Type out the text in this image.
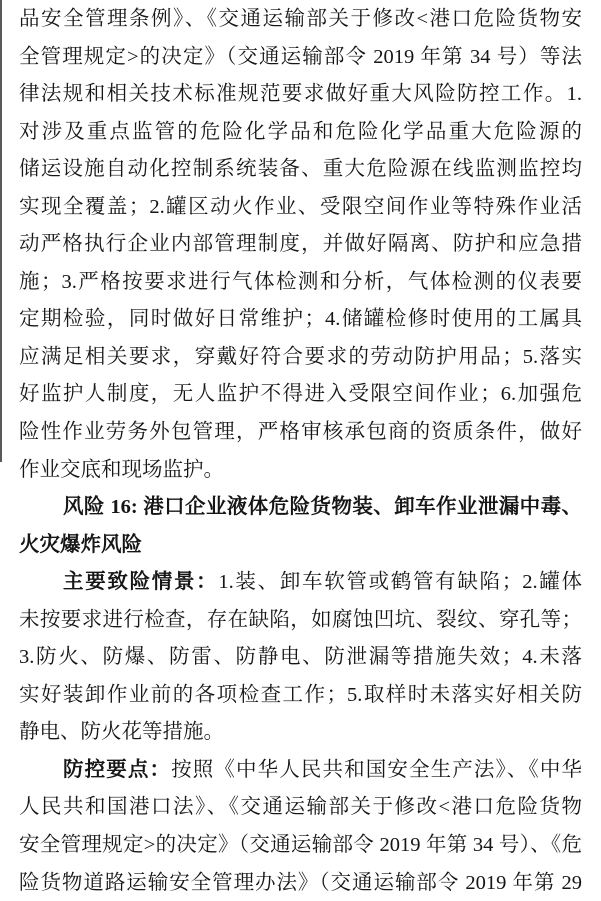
品安全管理条例》、《交通运输部关于修改<港口危险货物安
全管理规定>的决定》（交通运输部令 2019 年第 34 号）等法
律法规和相关技术标准规范要求做好重大风险防控工作。1.
对涉及重点监管的危险化学品和危险化学品重大危险源的
储运设施自动化控制系统装备、重大危险源在线监测监控均
实现全覆盖；2.罐区动火作业、受限空间作业等特殊作业活
动严格执行企业内部管理制度，并做好隔离、防护和应急措
施；3.严格按要求进行气体检测和分析，气体检测的仪表要
定期检验，同时做好日常维护；4.储罐检修时使用的工属具
应满足相关要求，穿戴好符合要求的劳动防护用品；5.落实
好监护人制度，无人监护不得进入受限空间作业；6.加强危
险性作业劳务外包管理，严格审核承包商的资质条件，做好
作业交底和现场监护。
风险 16: 港口企业液体危险货物装、卸车作业泄漏中毒、
火灾爆炸风险
主要致险情景：1.装、卸车软管或鹤管有缺陷；2.罐体
未按要求进行检查，存在缺陷，如腐蚀凹坑、裂纹、穿孔等；
3.防火、防爆、防雷、防静电、防泄漏等措施失效；4.未落
实好装卸作业前的各项检查工作；5.取样时未落实好相关防
静电、防火花等措施。
防控要点：按照《中华人民共和国安全生产法》、《中华
人民共和国港口法》、《交通运输部关于修改<港口危险货物
安全管理规定>的决定》（交通运输部令 2019 年第 34 号）、《危
险货物道路运输安全管理办法》（交通运输部令 2019 年第 29
